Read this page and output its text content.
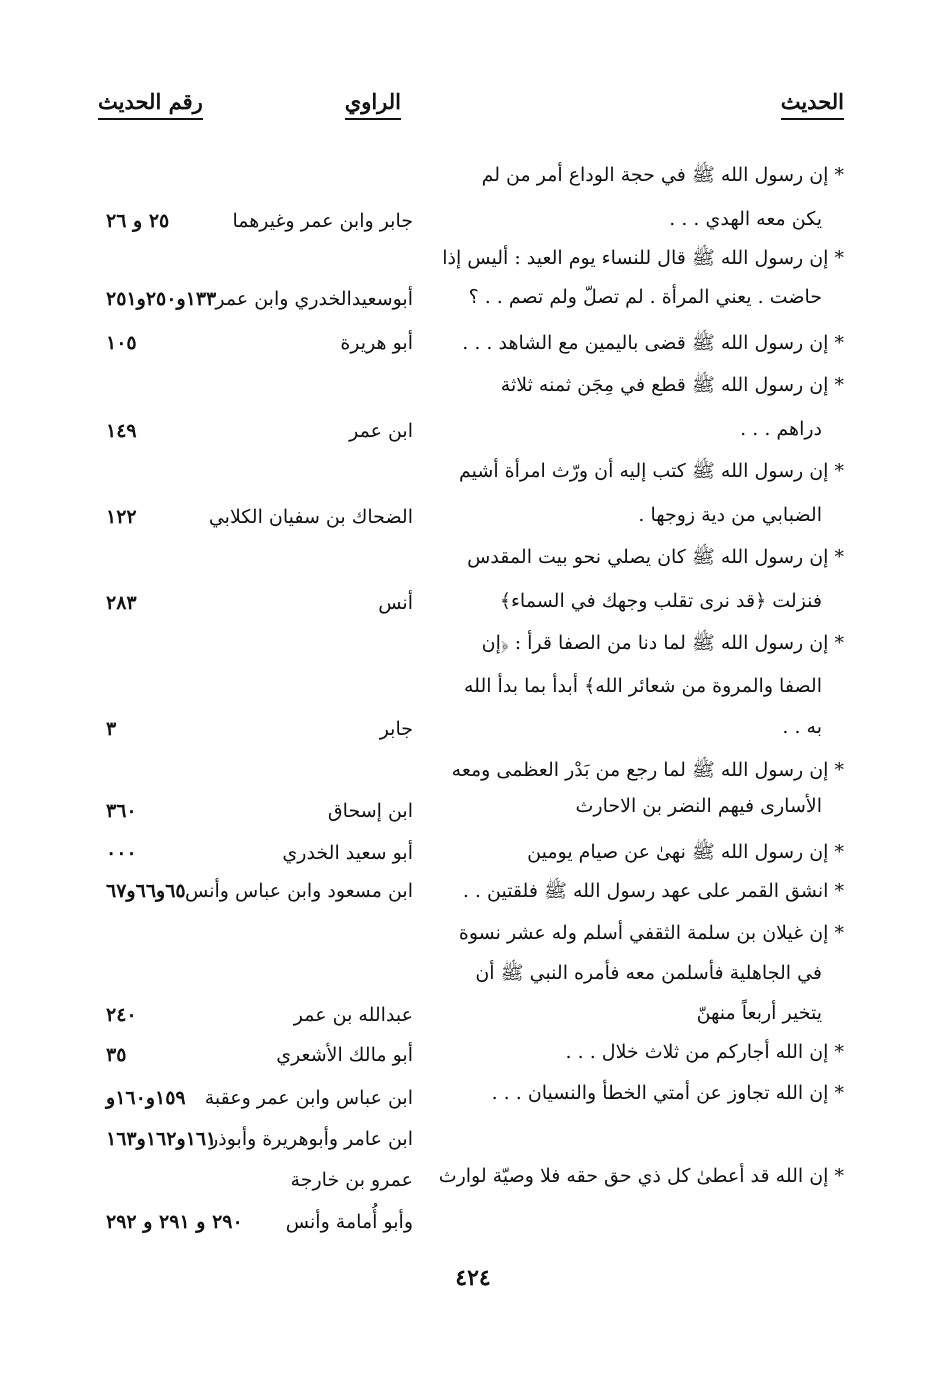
الحديث
الراوي
رقم الحديث
* إن رسول الله ﷺ في حجة الوداع أمر من لم
يكن معه الهدي . . .
* إن رسول الله ﷺ قال للنساء يوم العيد : أليس إذا
حاضت . يعني المرأة . لم تصلّ ولم تصم . . ؟
* إن رسول الله ﷺ قضى باليمين مع الشاهد . . .
* إن رسول الله ﷺ قطع في مِجَن ثمنه ثلاثة
دراهم . . .
* إن رسول الله ﷺ كتب إليه أن ورّث امرأة أشيم
الضبابي من دية زوجها .
* إن رسول الله ﷺ كان يصلي نحو بيت المقدس
فنزلت ﴿قد نرى تقلب وجهك في السماء﴾
* إن رسول الله ﷺ لما دنا من الصفا قرأ : ﴿إن
الصفا والمروة من شعائر الله﴾ أبدأ بما بدأ الله
به . .
* إن رسول الله ﷺ لما رجع من بَدْر العظمى ومعه
الأسارى فيهم النضر بن الاحارث
* إن رسول الله ﷺ نهىٰ عن صيام يومين
* انشق القمر على عهد رسول الله ﷺ فلقتين . .
* إن غيلان بن سلمة الثقفي أسلم وله عشر نسوة
في الجاهلية فأسلمن معه فأمره النبي ﷺ أن
يتخير أربعاً منهنّ
* إن الله أجاركم من ثلاث خلال . . .
* إن الله تجاوز عن أمتي الخطأ والنسيان . . .
* إن الله قد أعطىٰ كل ذي حق حقه فلا وصيّة لوارث
جابر وابن عمر وغيرهما
أبوسعيدالخدري وابن عمر
أبو هريرة
ابن عمر
الضحاك بن سفيان الكلابي
أنس
جابر
ابن إسحاق
أبو سعيد الخدري
ابن مسعود وابن عباس وأنس
عبدالله بن عمر
أبو مالك الأشعري
ابن عباس وابن عمر وعقبة
ابن عامر وأبوهريرة وأبوذر
عمرو بن خارجة
وأبو أُمامة وأنس
٢٥ و ٢٦
١٣٣و٢٥٠و٢٥١
١٠٥
١٤٩
١٢٢
٢٨٣
٣
٣٦٠
٠٠٠
٦٥و٦٦و٦٧
٢٤٠
٣٥
١٥٩و١٦٠و
١٦١و١٦٢و١٦٣
٢٩٠ و ٢٩١ و ٢٩٢
٤٢٤
